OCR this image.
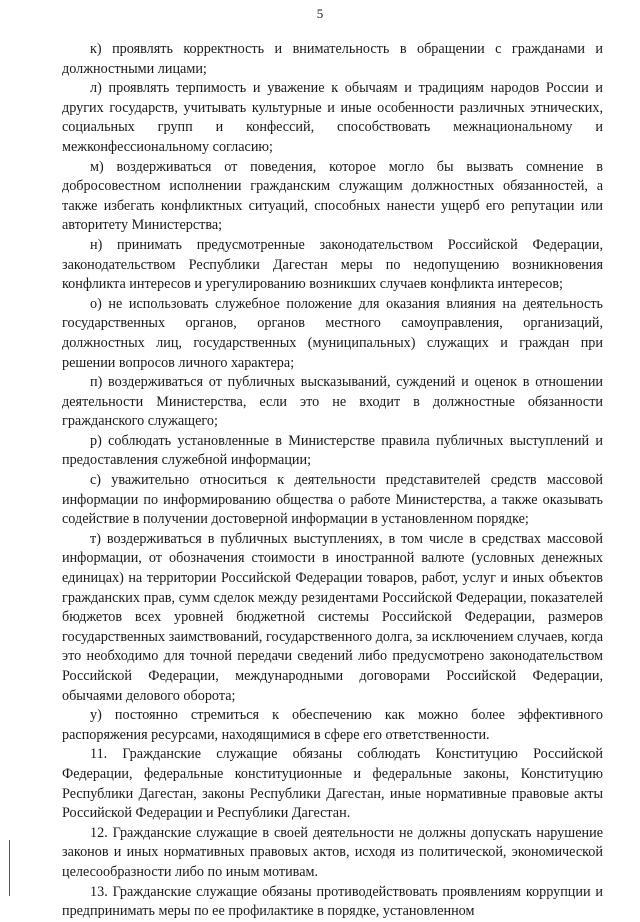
5

к) проявлять корректность и внимательность в обращении с гражданами и должностными лицами;

л) проявлять терпимость и уважение к обычаям и традициям народов России и других государств, учитывать культурные и иные особенности различных этнических, социальных групп и конфессий, способствовать межнациональному и межконфессиональному согласию;

м) воздерживаться от поведения, которое могло бы вызвать сомнение в добросовестном исполнении гражданским служащим должностных обязанностей, а также избегать конфликтных ситуаций, способных нанести ущерб его репутации или авторитету Министерства;

н) принимать предусмотренные законодательством Российской Федерации, законодательством Республики Дагестан меры по недопущению возникновения конфликта интересов и урегулированию возникших случаев конфликта интересов;

о) не использовать служебное положение для оказания влияния на деятельность государственных органов, органов местного самоуправления, организаций, должностных лиц, государственных (муниципальных) служащих и граждан при решении вопросов личного характера;

п) воздерживаться от публичных высказываний, суждений и оценок в отношении деятельности Министерства, если это не входит в должностные обязанности гражданского служащего;

р) соблюдать установленные в Министерстве правила публичных выступлений и предоставления служебной информации;

с) уважительно относиться к деятельности представителей средств массовой информации по информированию общества о работе Министерства, а также оказывать содействие в получении достоверной информации в установленном порядке;

т) воздерживаться в публичных выступлениях, в том числе в средствах массовой информации, от обозначения стоимости в иностранной валюте (условных денежных единицах) на территории Российской Федерации товаров, работ, услуг и иных объектов гражданских прав, сумм сделок между резидентами Российской Федерации, показателей бюджетов всех уровней бюджетной системы Российской Федерации, размеров государственных заимствований, государственного долга, за исключением случаев, когда это необходимо для точной передачи сведений либо предусмотрено законодательством Российской Федерации, международными договорами Российской Федерации, обычаями делового оборота;

у) постоянно стремиться к обеспечению как можно более эффективного распоряжения ресурсами, находящимися в сфере его ответственности.

11. Гражданские служащие обязаны соблюдать Конституцию Российской Федерации, федеральные конституционные и федеральные законы, Конституцию Республики Дагестан, законы Республики Дагестан, иные нормативные правовые акты Российской Федерации и Республики Дагестан.

12. Гражданские служащие в своей деятельности не должны допускать нарушение законов и иных нормативных правовых актов, исходя из политической, экономической целесообразности либо по иным мотивам.

13. Гражданские служащие обязаны противодействовать проявлениям коррупции и предпринимать меры по ее профилактике в порядке, установленном
